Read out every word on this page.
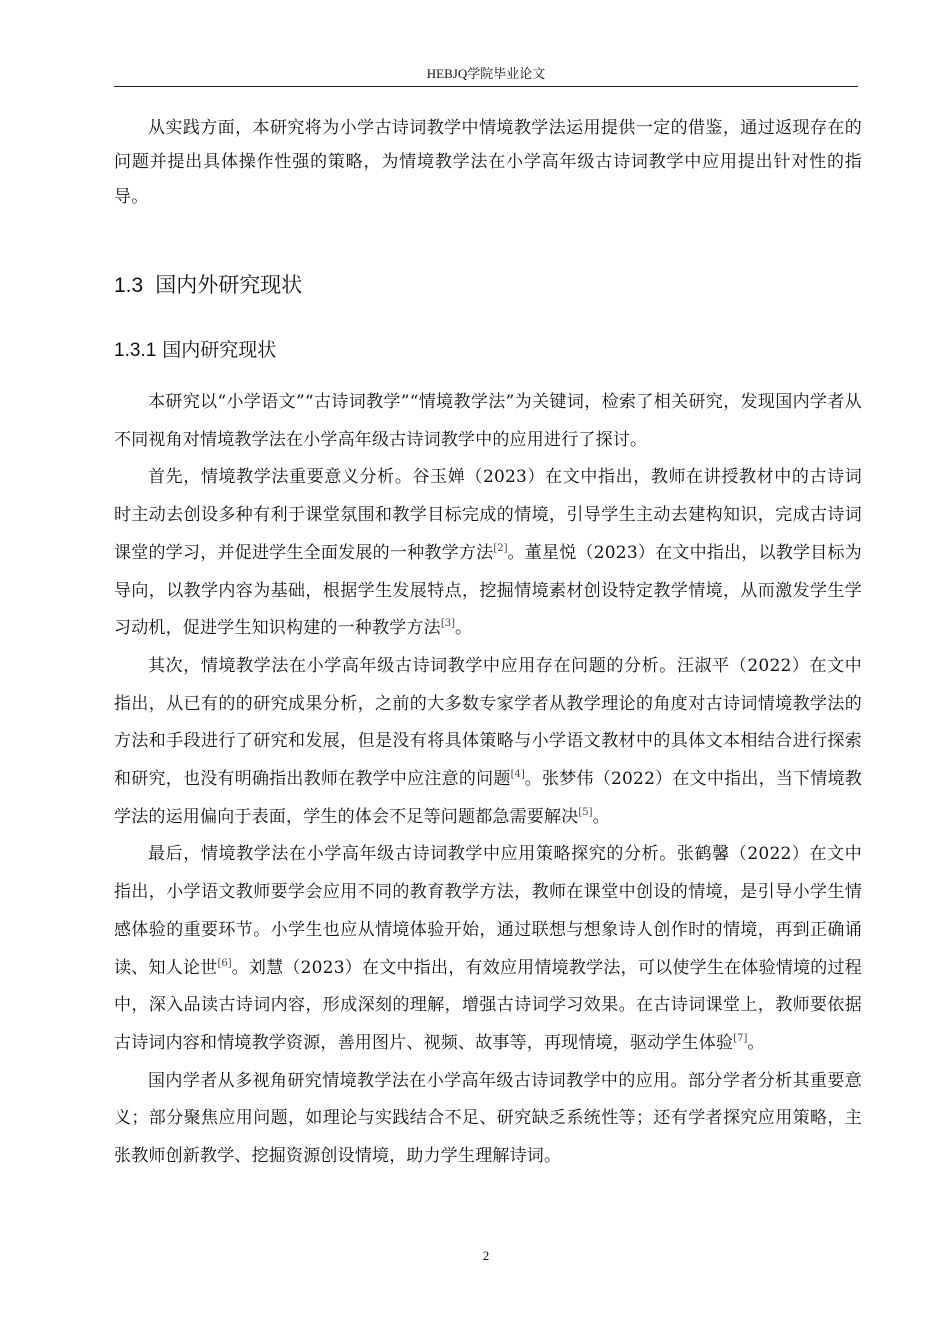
HEBJQ学院毕业论文

从实践方面，本研究将为小学古诗词教学中情境教学法运用提供一定的借鉴，通过返现存在的问题并提出具体操作性强的策略，为情境教学法在小学高年级古诗词教学中应用提出针对性的指导。

1.3 国内外研究现状
1.3.1 国内研究现状

本研究以“小学语文”“古诗词教学”“情境教学法”为关键词，检索了相关研究，发现国内学者从不同视角对情境教学法在小学高年级古诗词教学中的应用进行了探讨。

首先，情境教学法重要意义分析。谷玉婵（2023）在文中指出，教师在讲授教材中的古诗词时主动去创设多种有利于课堂氛围和教学目标完成的情境，引导学生主动去建构知识，完成古诗词课堂的学习，并促进学生全面发展的一种教学方法[2]。董星悦（2023）在文中指出，以教学目标为导向，以教学内容为基础，根据学生发展特点，挖掘情境素材创设特定教学情境，从而激发学生学习动机，促进学生知识构建的一种教学方法[3]。

其次，情境教学法在小学高年级古诗词教学中应用存在问题的分析。汪淑平（2022）在文中指出，从已有的的研究成果分析，之前的大多数专家学者从教学理论的角度对古诗词情境教学法的方法和手段进行了研究和发展，但是没有将具体策略与小学语文教材中的具体文本相结合进行探索和研究，也没有明确指出教师在教学中应注意的问题[4]。张梦伟（2022）在文中指出，当下情境教学法的运用偏向于表面，学生的体会不足等问题都急需要解决[5]。

最后，情境教学法在小学高年级古诗词教学中应用策略探究的分析。张鹤馨（2022）在文中指出，小学语文教师要学会应用不同的教育教学方法，教师在课堂中创设的情境，是引导小学生情感体验的重要环节。小学生也应从情境体验开始，通过联想与想象诗人创作时的情境，再到正确诵读、知人论世[6]。刘慧（2023）在文中指出，有效应用情境教学法，可以使学生在体验情境的过程中，深入品读古诗词内容，形成深刻的理解，增强古诗词学习效果。在古诗词课堂上，教师要依据古诗词内容和情境教学资源，善用图片、视频、故事等，再现情境，驱动学生体验[7]。

国内学者从多视角研究情境教学法在小学高年级古诗词教学中的应用。部分学者分析其重要意义；部分聚焦应用问题，如理论与实践结合不足、研究缺乏系统性等；还有学者探究应用策略，主张教师创新教学、挖掘资源创设情境，助力学生理解诗词。

2
